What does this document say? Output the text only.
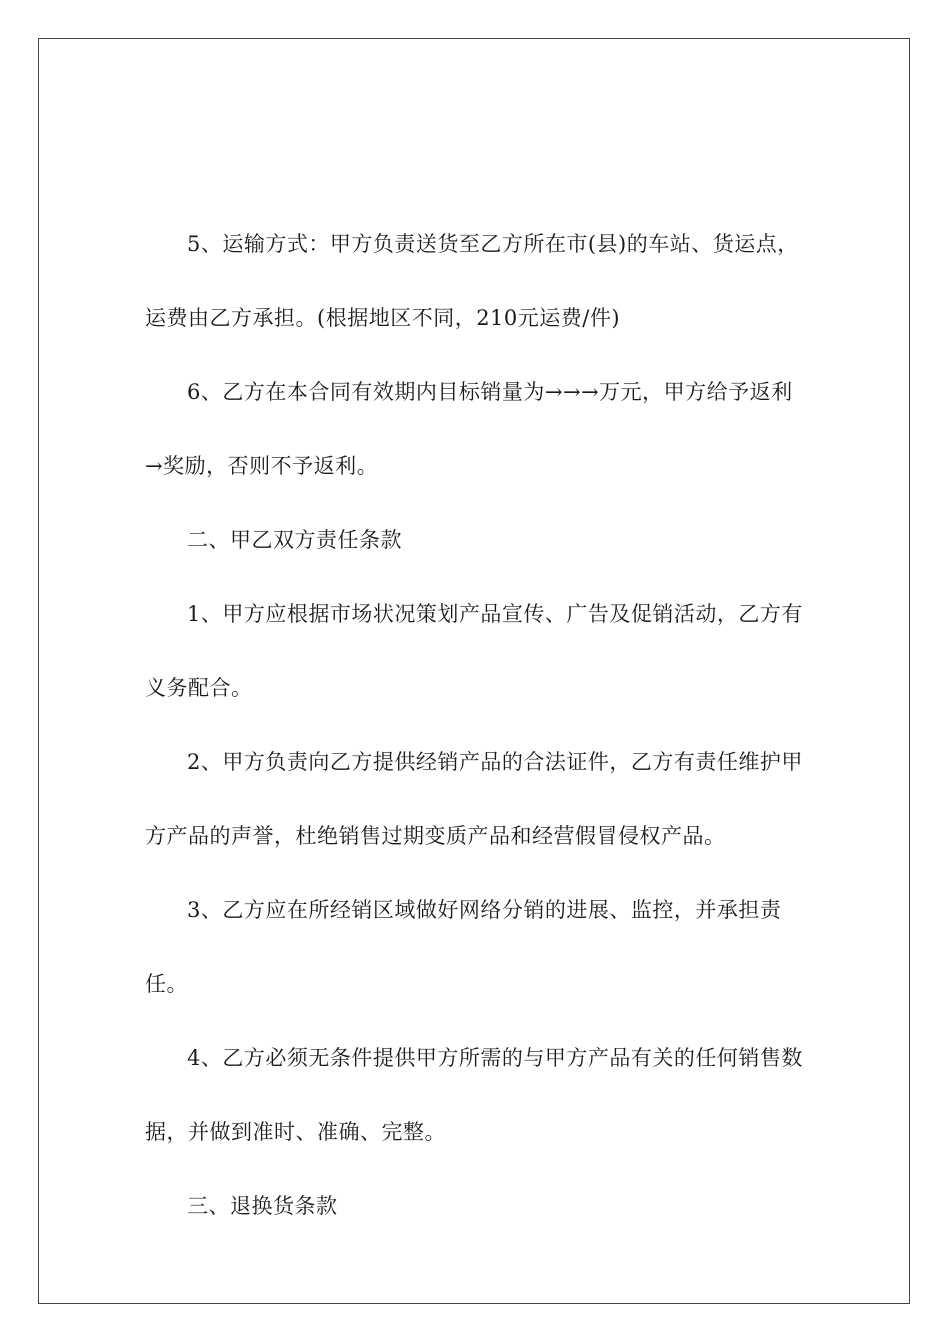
5、运输方式：甲方负责送货至乙方所在市(县)的车站、货运点，运费由乙方承担。(根据地区不同，210元运费/件)

6、乙方在本合同有效期内目标销量为→→→万元，甲方给予返利→奖励，否则不予返利。

二、甲乙双方责任条款

1、甲方应根据市场状况策划产品宣传、广告及促销活动，乙方有义务配合。

2、甲方负责向乙方提供经销产品的合法证件，乙方有责任维护甲方产品的声誉，杜绝销售过期变质产品和经营假冒侵权产品。

3、乙方应在所经销区域做好网络分销的进展、监控，并承担责任。

4、乙方必须无条件提供甲方所需的与甲方产品有关的任何销售数据，并做到准时、准确、完整。

三、退换货条款
